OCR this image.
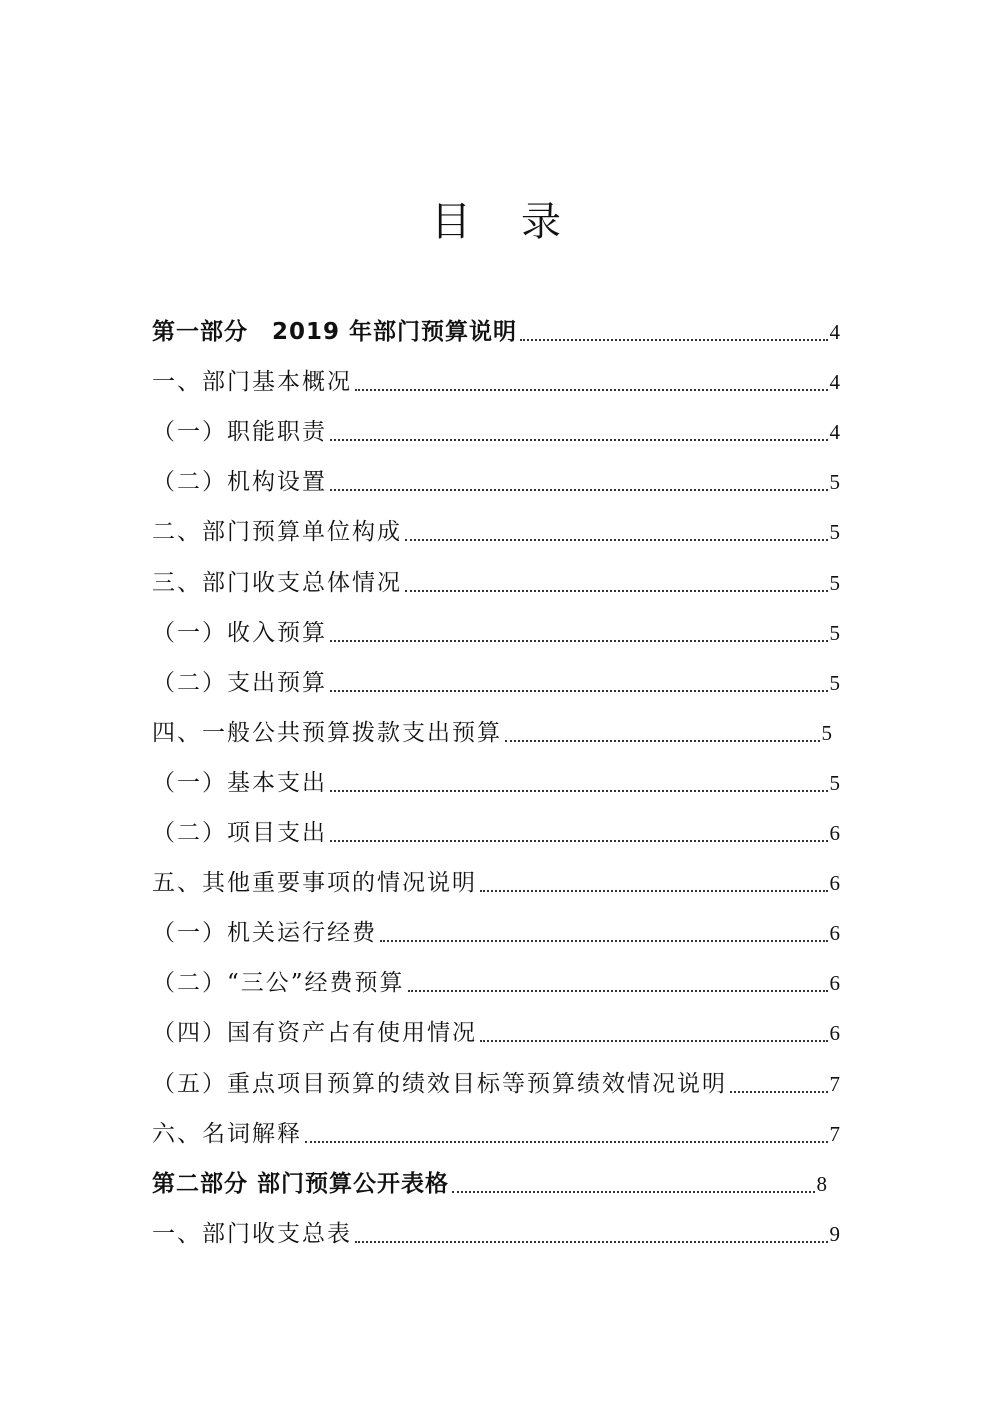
目录
第一部分　2019 年部门预算说明	4
一、部门基本概况	4
（一）职能职责	4
（二）机构设置	5
二、部门预算单位构成	5
三、部门收支总体情况	5
（一）收入预算	5
（二）支出预算	5
四、一般公共预算拨款支出预算	5
（一）基本支出	5
（二）项目支出	6
五、其他重要事项的情况说明	6
（一）机关运行经费	6
（二）“三公”经费预算	6
（四）国有资产占有使用情况	6
（五）重点项目预算的绩效目标等预算绩效情况说明	7
六、名词解释	7
第二部分 部门预算公开表格	8
一、部门收支总表	9
